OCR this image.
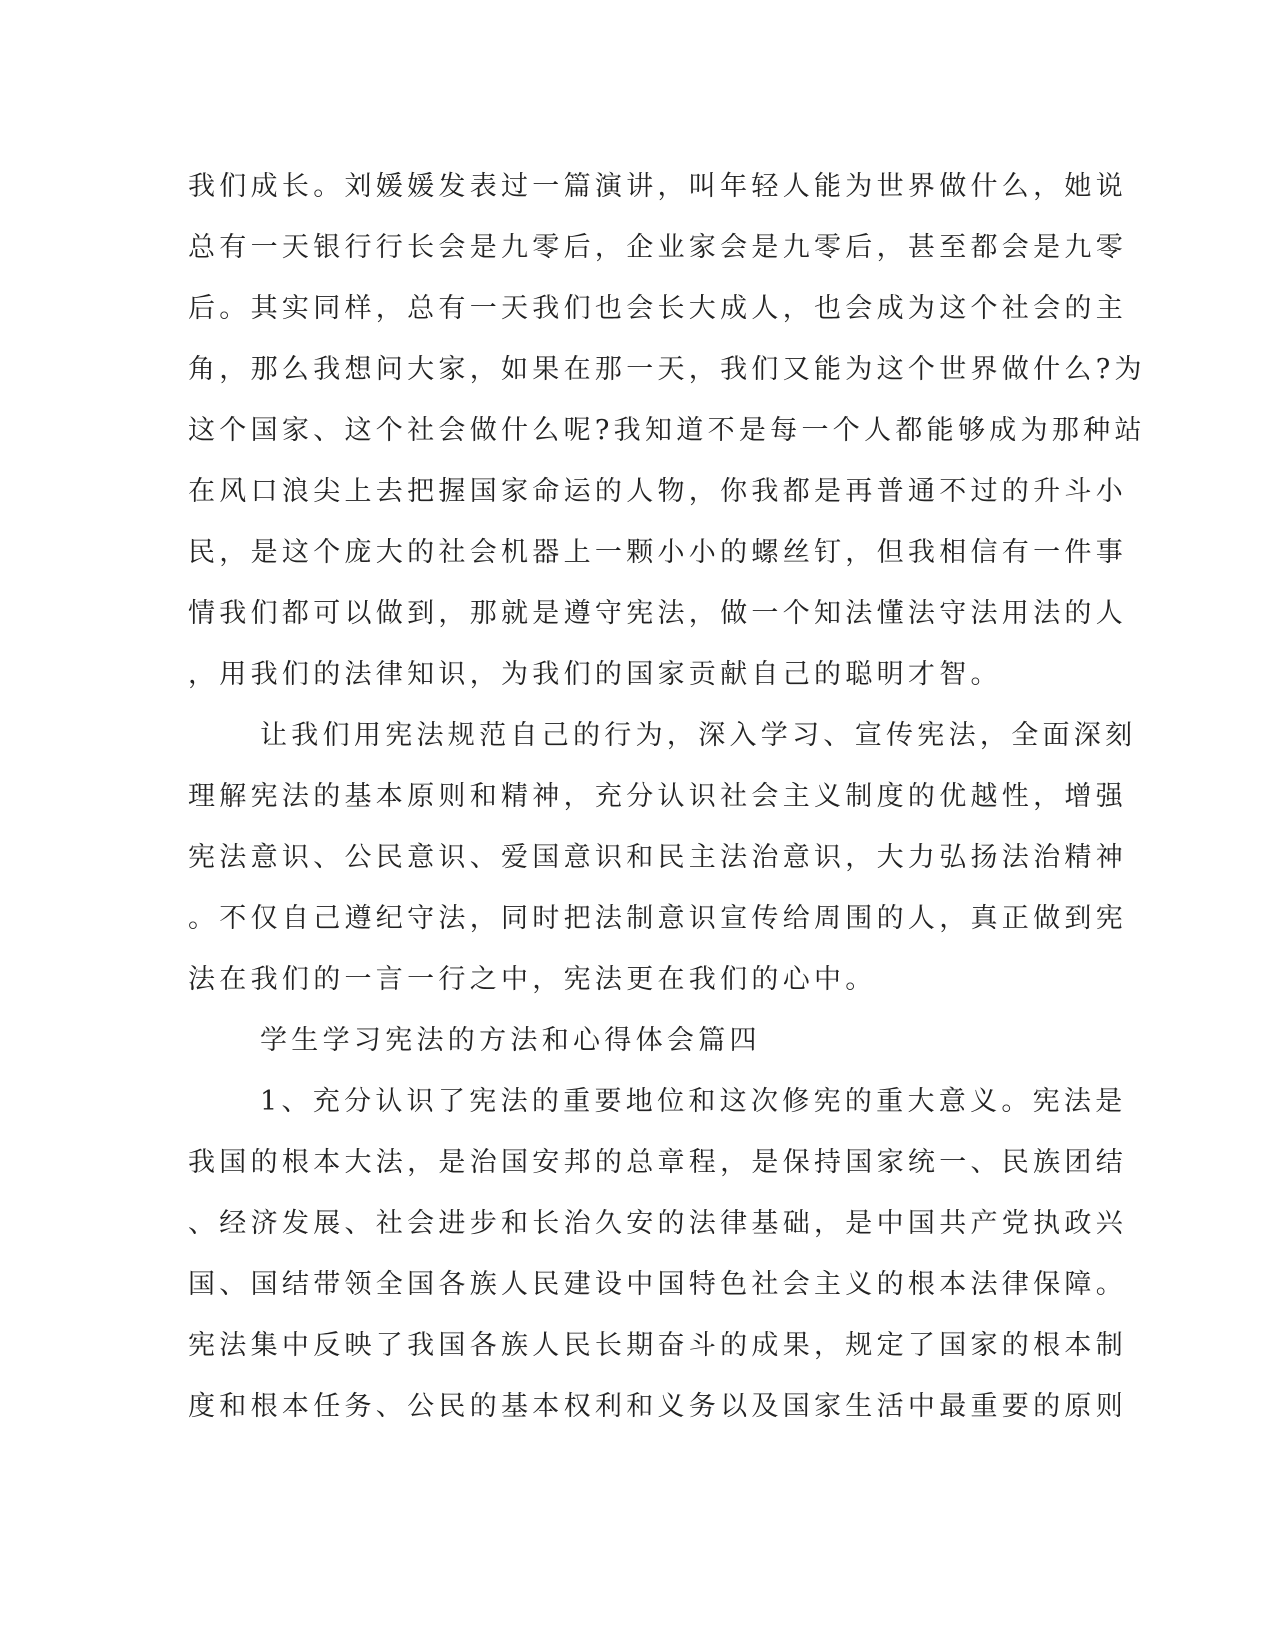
我们成长。刘媛媛发表过一篇演讲，叫年轻人能为世界做什么，她说
总有一天银行行长会是九零后，企业家会是九零后，甚至都会是九零
后。其实同样，总有一天我们也会长大成人，也会成为这个社会的主
角，那么我想问大家，如果在那一天，我们又能为这个世界做什么?为
这个国家、这个社会做什么呢?我知道不是每一个人都能够成为那种站
在风口浪尖上去把握国家命运的人物，你我都是再普通不过的升斗小
民，是这个庞大的社会机器上一颗小小的螺丝钉，但我相信有一件事
情我们都可以做到，那就是遵守宪法，做一个知法懂法守法用法的人
，用我们的法律知识，为我们的国家贡献自己的聪明才智。
让我们用宪法规范自己的行为，深入学习、宣传宪法，全面深刻
理解宪法的基本原则和精神，充分认识社会主义制度的优越性，增强
宪法意识、公民意识、爱国意识和民主法治意识，大力弘扬法治精神
。不仅自己遵纪守法，同时把法制意识宣传给周围的人，真正做到宪
法在我们的一言一行之中，宪法更在我们的心中。
学生学习宪法的方法和心得体会篇四
1、充分认识了宪法的重要地位和这次修宪的重大意义。宪法是
我国的根本大法，是治国安邦的总章程，是保持国家统一、民族团结
、经济发展、社会进步和长治久安的法律基础，是中国共产党执政兴
国、国结带领全国各族人民建设中国特色社会主义的根本法律保障。
宪法集中反映了我国各族人民长期奋斗的成果，规定了国家的根本制
度和根本任务、公民的基本权利和义务以及国家生活中最重要的原则
